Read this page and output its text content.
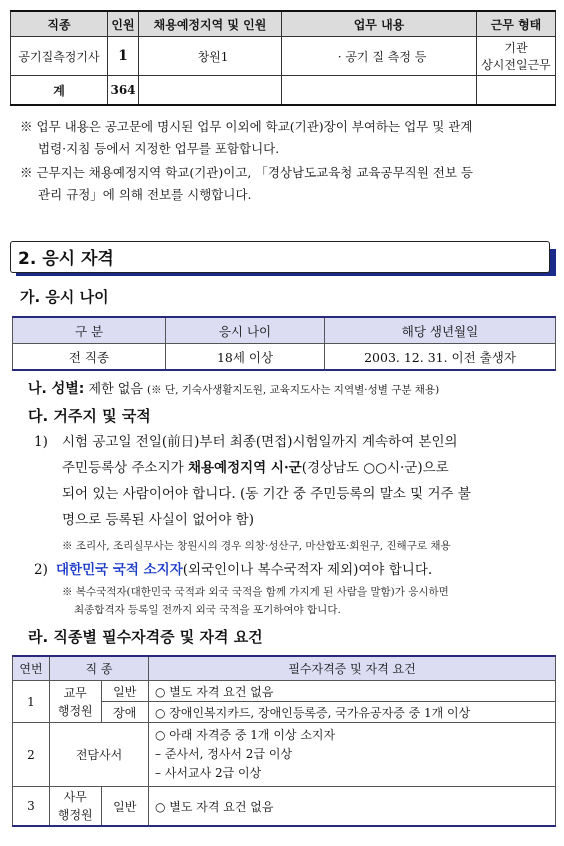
직종	인원	채용예정지역 및 인원	업무 내용	근무 형태
공기질측정기사	1	창원1	· 공기 질 측정 등	기관
상시전일근무

계	364			
※ 업무 내용은 공고문에 명시된 업무 이외에 학교(기관)장이 부여하는 업무 및 관계
법령·지침 등에서 지정한 업무를 포함합니다.
※ 근무지는 채용예정지역 학교(기관)이고, 「경상남도교육청 교육공무직원 전보 등
관리 규정」에 의해 전보를 시행합니다.
2. 응시 자격
가. 응시 나이
구 분	응시 나이	해당 생년월일
전 직종	18세 이상	2003. 12. 31. 이전 출생자
나. 성별: 제한 없음 (※ 단, 기숙사생활지도원, 교육지도사는 지역별·성별 구분 채용)
다. 거주지 및 국적
1) 시험 공고일 전일(前日)부터 최종(면접)시험일까지 계속하여 본인의
주민등록상 주소지가 채용예정지역 시·군(경상남도 ○○시·군)으로
되어 있는 사람이어야 합니다. (동 기간 중 주민등록의 말소 및 거주 불
명으로 등록된 사실이 없어야 함)
※ 조리사, 조리실무사는 창원시의 경우 의창·성산구, 마산합포·회원구, 진해구로 채용
2) 대한민국 국적 소지자(외국인이나 복수국적자 제외)여야 합니다.
※ 복수국적자(대한민국 국적과 외국 국적을 함께 가지게 된 사람을 말함)가 응시하면
최종합격자 등록일 전까지 외국 국적을 포기하여야 합니다.
라. 직종별 필수자격증 및 자격 요건
연번	직 종		필수자격증 및 자격 요건
1	교무
행정원	일반	○ 별도 자격 요건 없음
		장애	○ 장애인복지카드, 장애인등록증, 국가유공자증 중 1개 이상
2	전담사서		○ 아래 자격증 중 1개 이상 소지자
– 준사서, 정사서 2급 이상
– 사서교사 2급 이상

3	사무
행정원	일반	○ 별도 자격 요건 없음
